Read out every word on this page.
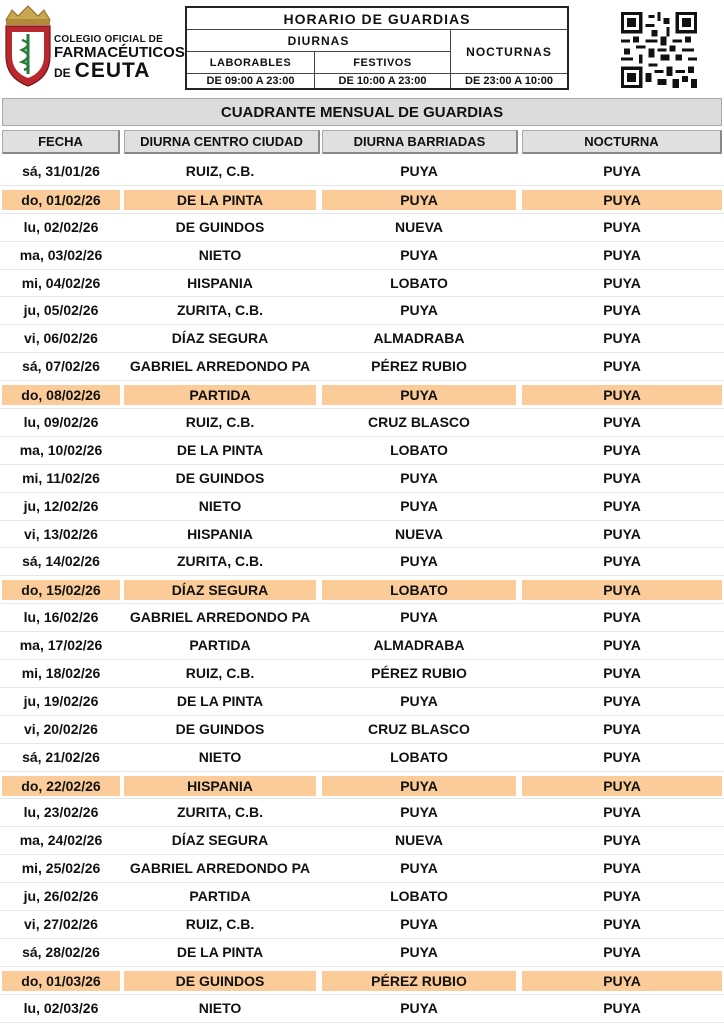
COLEGIO OFICIAL DE
FARMACÉUTICOS
DE CEUTA
HORARIO DE GUARDIAS
DIURNAS
NOCTURNAS
LABORABLES	FESTIVOS
DE 09:00 A 23:00	DE 10:00 A 23:00	DE 23:00 A 10:00
CUADRANTE MENSUAL DE GUARDIAS
FECHA	DIURNA CENTRO CIUDAD	DIURNA BARRIADAS	NOCTURNA
sá, 31/01/26	RUIZ, C.B.	PUYA	PUYA
do, 01/02/26	DE LA PINTA	PUYA	PUYA
lu, 02/02/26	DE GUINDOS	NUEVA	PUYA
ma, 03/02/26	NIETO	PUYA	PUYA
mi, 04/02/26	HISPANIA	LOBATO	PUYA
ju, 05/02/26	ZURITA, C.B.	PUYA	PUYA
vi, 06/02/26	DÍAZ SEGURA	ALMADRABA	PUYA
sá, 07/02/26	GABRIEL ARREDONDO PA	PÉREZ RUBIO	PUYA
do, 08/02/26	PARTIDA	PUYA	PUYA
lu, 09/02/26	RUIZ, C.B.	CRUZ BLASCO	PUYA
ma, 10/02/26	DE LA PINTA	LOBATO	PUYA
mi, 11/02/26	DE GUINDOS	PUYA	PUYA
ju, 12/02/26	NIETO	PUYA	PUYA
vi, 13/02/26	HISPANIA	NUEVA	PUYA
sá, 14/02/26	ZURITA, C.B.	PUYA	PUYA
do, 15/02/26	DÍAZ SEGURA	LOBATO	PUYA
lu, 16/02/26	GABRIEL ARREDONDO PA	PUYA	PUYA
ma, 17/02/26	PARTIDA	ALMADRABA	PUYA
mi, 18/02/26	RUIZ, C.B.	PÉREZ RUBIO	PUYA
ju, 19/02/26	DE LA PINTA	PUYA	PUYA
vi, 20/02/26	DE GUINDOS	CRUZ BLASCO	PUYA
sá, 21/02/26	NIETO	LOBATO	PUYA
do, 22/02/26	HISPANIA	PUYA	PUYA
lu, 23/02/26	ZURITA, C.B.	PUYA	PUYA
ma, 24/02/26	DÍAZ SEGURA	NUEVA	PUYA
mi, 25/02/26	GABRIEL ARREDONDO PA	PUYA	PUYA
ju, 26/02/26	PARTIDA	LOBATO	PUYA
vi, 27/02/26	RUIZ, C.B.	PUYA	PUYA
sá, 28/02/26	DE LA PINTA	PUYA	PUYA
do, 01/03/26	DE GUINDOS	PÉREZ RUBIO	PUYA
lu, 02/03/26	NIETO	PUYA	PUYA
